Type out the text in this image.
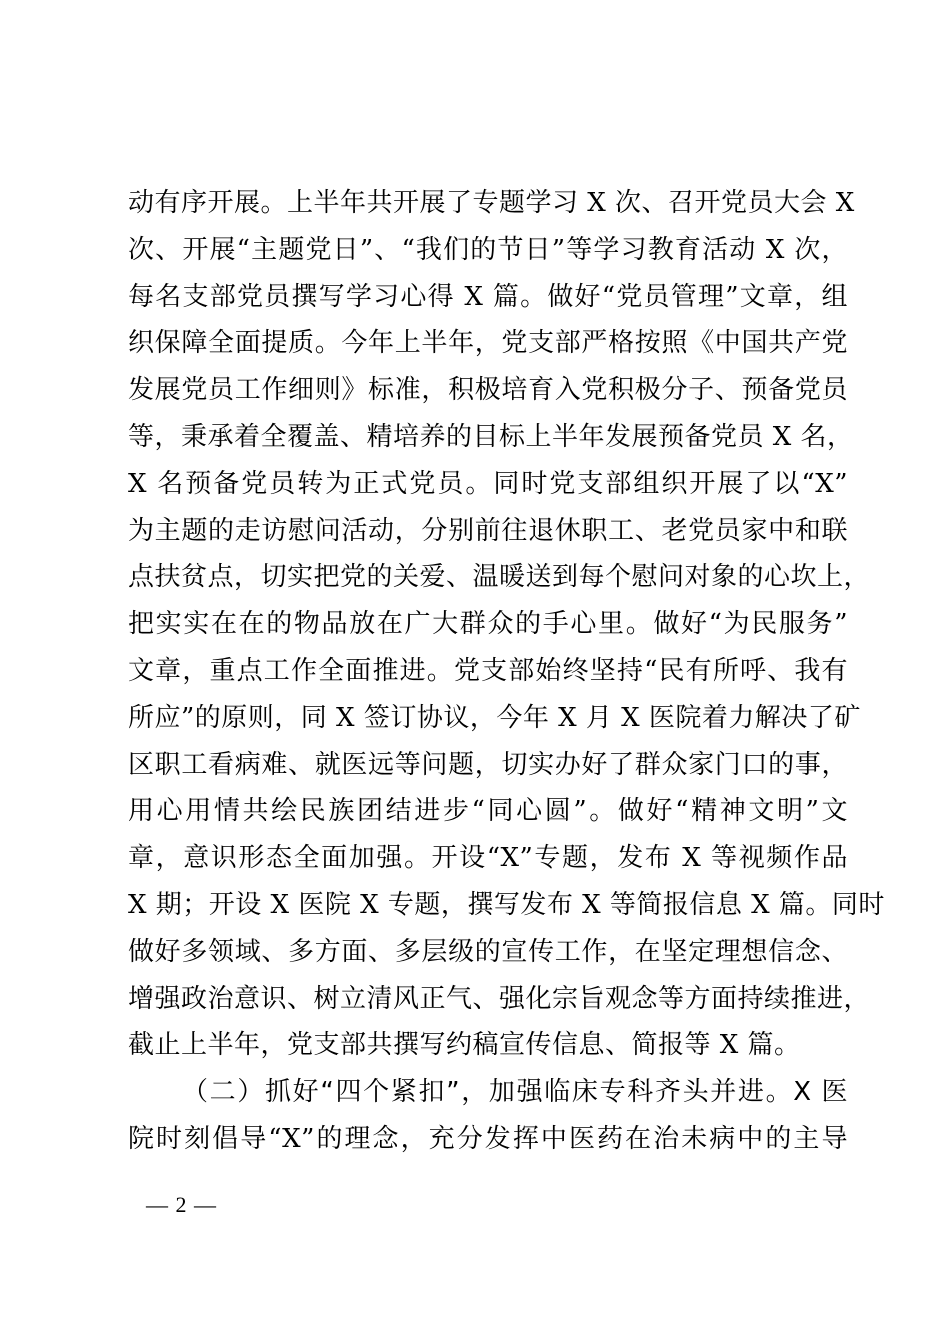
动有序开展。上半年共开展了专题学习 X 次、召开党员大会 X
次、开展“主题党日”、“我们的节日”等学习教育活动 X 次，
每名支部党员撰写学习心得 X 篇。做好“党员管理”文章，组
织保障全面提质。今年上半年，党支部严格按照《中国共产党
发展党员工作细则》标准，积极培育入党积极分子、预备党员
等，秉承着全覆盖、精培养的目标上半年发展预备党员 X 名，
X 名预备党员转为正式党员。同时党支部组织开展了以“X”
为主题的走访慰问活动，分别前往退休职工、老党员家中和联
点扶贫点，切实把党的关爱、温暖送到每个慰问对象的心坎上，
把实实在在的物品放在广大群众的手心里。做好“为民服务”
文章，重点工作全面推进。党支部始终坚持“民有所呼、我有
所应”的原则，同 X 签订协议，今年 X 月 X 医院着力解决了矿
区职工看病难、就医远等问题，切实办好了群众家门口的事，
用心用情共绘民族团结进步“同心圆”。做好“精神文明”文
章，意识形态全面加强。开设“X”专题，发布 X 等视频作品
X 期；开设 X 医院 X 专题，撰写发布 X 等简报信息 X 篇。同时
做好多领域、多方面、多层级的宣传工作，在坚定理想信念、
增强政治意识、树立清风正气、强化宗旨观念等方面持续推进，
截止上半年，党支部共撰写约稿宣传信息、简报等 X 篇。
（二）抓好“四个紧扣”，加强临床专科齐头并进。X 医
院时刻倡导“X”的理念，充分发挥中医药在治未病中的主导
— 2 —
